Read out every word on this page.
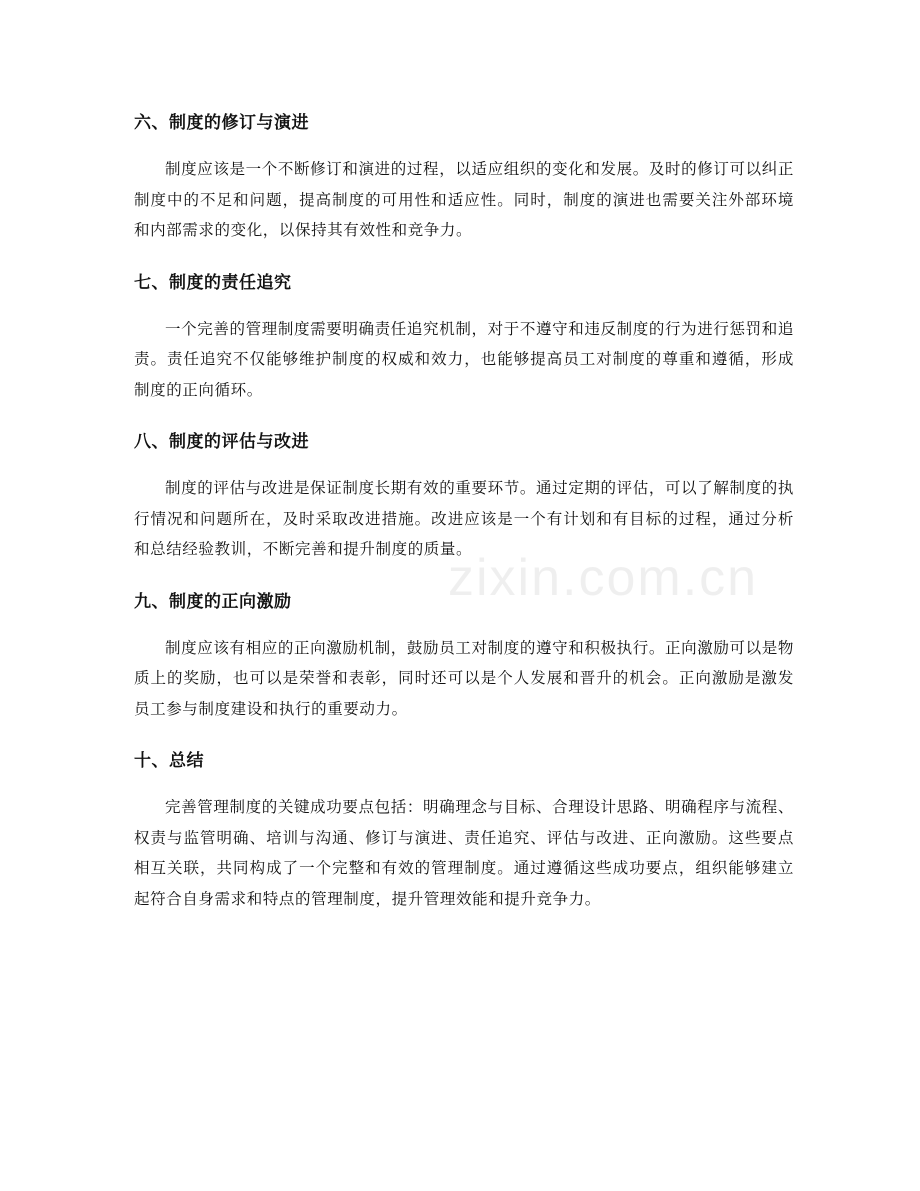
六、制度的修订与演进

制度应该是一个不断修订和演进的过程，以适应组织的变化和发展。及时的修订可以纠正制度中的不足和问题，提高制度的可用性和适应性。同时，制度的演进也需要关注外部环境和内部需求的变化，以保持其有效性和竞争力。

七、制度的责任追究

一个完善的管理制度需要明确责任追究机制，对于不遵守和违反制度的行为进行惩罚和追责。责任追究不仅能够维护制度的权威和效力，也能够提高员工对制度的尊重和遵循，形成制度的正向循环。

八、制度的评估与改进

制度的评估与改进是保证制度长期有效的重要环节。通过定期的评估，可以了解制度的执行情况和问题所在，及时采取改进措施。改进应该是一个有计划和有目标的过程，通过分析和总结经验教训，不断完善和提升制度的质量。

九、制度的正向激励

制度应该有相应的正向激励机制，鼓励员工对制度的遵守和积极执行。正向激励可以是物质上的奖励，也可以是荣誉和表彰，同时还可以是个人发展和晋升的机会。正向激励是激发员工参与制度建设和执行的重要动力。

十、总结

完善管理制度的关键成功要点包括：明确理念与目标、合理设计思路、明确程序与流程、权责与监管明确、培训与沟通、修订与演进、责任追究、评估与改进、正向激励。这些要点相互关联，共同构成了一个完整和有效的管理制度。通过遵循这些成功要点，组织能够建立起符合自身需求和特点的管理制度，提升管理效能和提升竞争力。

zixin.com.cn
